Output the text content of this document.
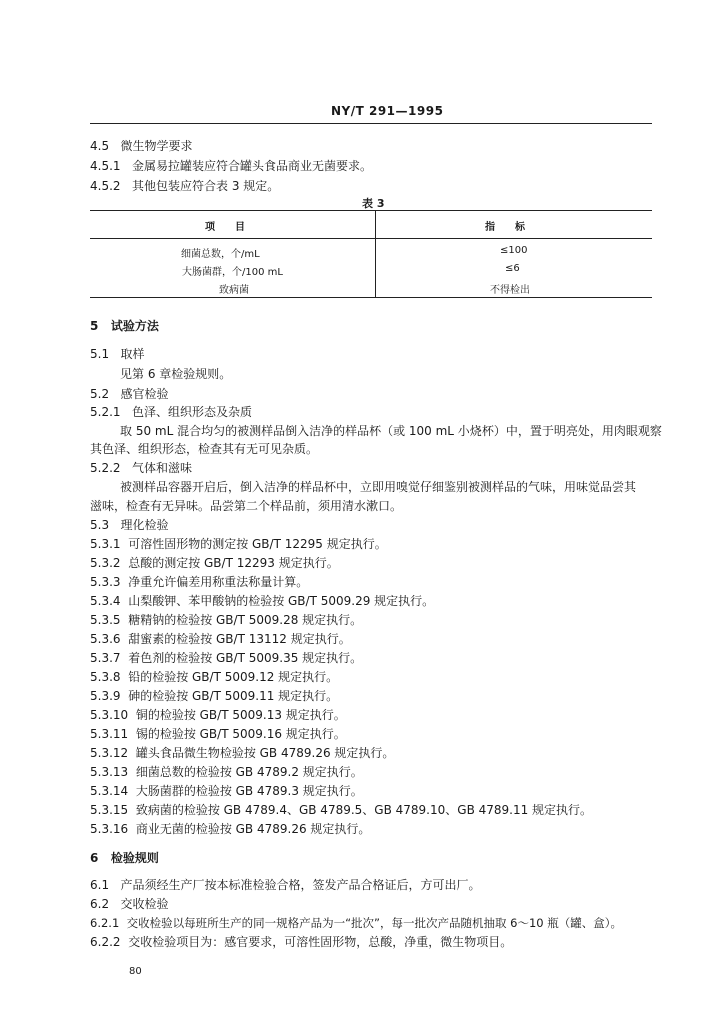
NY/T 291—1995
4.5 微生物学要求
4.5.1 金属易拉罐装应符合罐头食品商业无菌要求。
4.5.2 其他包装应符合表 3 规定。
表 3
项　　目	指　　标
细菌总数，个/mL	≤100
大肠菌群，个/100 mL	≤6
致病菌	不得检出
5 试验方法
5.1 取样
见第 6 章检验规则。
5.2 感官检验
5.2.1 色泽、组织形态及杂质
取 50 mL 混合均匀的被测样品倒入洁净的样品杯（或 100 mL 小烧杯）中，置于明亮处，用肉眼观察
其色泽、组织形态，检查其有无可见杂质。
5.2.2 气体和滋味
被测样品容器开启后，倒入洁净的样品杯中，立即用嗅觉仔细鉴别被测样品的气味，用味觉品尝其
滋味，检查有无异味。品尝第二个样品前，须用清水漱口。
5.3 理化检验
5.3.1 可溶性固形物的测定按 GB/T 12295 规定执行。
5.3.2 总酸的测定按 GB/T 12293 规定执行。
5.3.3 净重允许偏差用称重法称量计算。
5.3.4 山梨酸钾、苯甲酸钠的检验按 GB/T 5009.29 规定执行。
5.3.5 糖精钠的检验按 GB/T 5009.28 规定执行。
5.3.6 甜蜜素的检验按 GB/T 13112 规定执行。
5.3.7 着色剂的检验按 GB/T 5009.35 规定执行。
5.3.8 铅的检验按 GB/T 5009.12 规定执行。
5.3.9 砷的检验按 GB/T 5009.11 规定执行。
5.3.10 铜的检验按 GB/T 5009.13 规定执行。
5.3.11 锡的检验按 GB/T 5009.16 规定执行。
5.3.12 罐头食品微生物检验按 GB 4789.26 规定执行。
5.3.13 细菌总数的检验按 GB 4789.2 规定执行。
5.3.14 大肠菌群的检验按 GB 4789.3 规定执行。
5.3.15 致病菌的检验按 GB 4789.4、GB 4789.5、GB 4789.10、GB 4789.11 规定执行。
5.3.16 商业无菌的检验按 GB 4789.26 规定执行。
6 检验规则
6.1 产品须经生产厂按本标准检验合格，签发产品合格证后，方可出厂。
6.2 交收检验
6.2.1 交收检验以每班所生产的同一规格产品为一“批次”，每一批次产品随机抽取 6～10 瓶（罐、盒）。
6.2.2 交收检验项目为：感官要求，可溶性固形物，总酸，净重，微生物项目。
80
